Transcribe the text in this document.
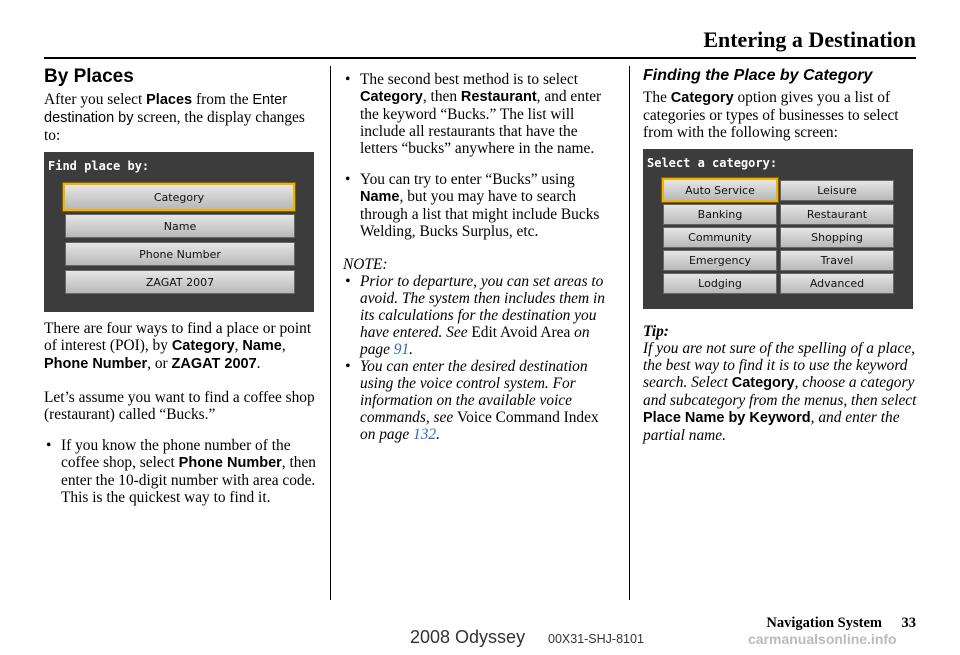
Entering a Destination
By Places

After you select Places from the Enter destination by screen, the display changes to:

Find place by:
Category
Name
Phone Number
ZAGAT 2007

There are four ways to find a place or point of interest (POI), by Category, Name, Phone Number, or ZAGAT 2007.

Let’s assume you want to find a coffee shop (restaurant) called “Bucks.”

• If you know the phone number of the coffee shop, select Phone Number, then enter the 10-digit number with area code. This is the quickest way to find it.
• The second best method is to select Category, then Restaurant, and enter the keyword “Bucks.” The list will include all restaurants that have the letters “bucks” anywhere in the name.
• You can try to enter “Bucks” using Name, but you may have to search through a list that might include Bucks Welding, Bucks Surplus, etc.

NOTE:

• Prior to departure, you can set areas to avoid. The system then includes them in its calculations for the destination you have entered. See Edit Avoid Area on page 91.
• You can enter the desired destination using the voice control system. For information on the available voice commands, see Voice Command Index on page 132.
Finding the Place by Category

The Category option gives you a list of categories or types of businesses to select from with the following screen:

Select a category:
Auto Service
Banking
Community
Emergency
Lodging
Leisure
Restaurant
Shopping
Travel
Advanced

Tip:

If you are not sure of the spelling of a place, the best way to find it is to use the keyword search. Select Category, choose a category and subcategory from the menus, then select Place Name by Keyword, and enter the partial name.

Navigation System 33
2008 Odyssey 00X31-SHJ-8101	carmanualsonline.info
